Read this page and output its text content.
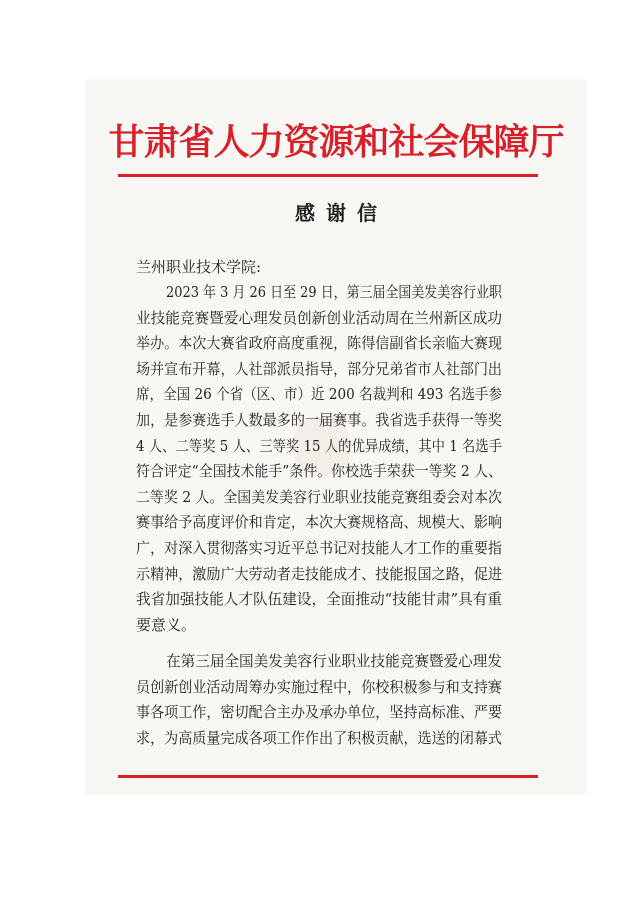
甘肃省人力资源和社会保障厅
感谢信
兰州职业技术学院:
2023 年 3 月 26 日至 29 日，第三届全国美发美容行业职
业技能竞赛暨爱心理发员创新创业活动周在兰州新区成功
举办。本次大赛省政府高度重视，陈得信副省长亲临大赛现
场并宣布开幕，人社部派员指导，部分兄弟省市人社部门出
席，全国 26 个省（区、市）近 200 名裁判和 493 名选手参
加，是参赛选手人数最多的一届赛事。我省选手获得一等奖
4 人、二等奖 5 人、三等奖 15 人的优异成绩，其中 1 名选手
符合评定“全国技术能手”条件。你校选手荣获一等奖 2 人、
二等奖 2 人。全国美发美容行业职业技能竞赛组委会对本次
赛事给予高度评价和肯定，本次大赛规格高、规模大、影响
广，对深入贯彻落实习近平总书记对技能人才工作的重要指
示精神，激励广大劳动者走技能成才、技能报国之路，促进
我省加强技能人才队伍建设，全面推动“技能甘肃”具有重
要意义。
在第三届全国美发美容行业职业技能竞赛暨爱心理发
员创新创业活动周筹办实施过程中，你校积极参与和支持赛
事各项工作，密切配合主办及承办单位，坚持高标准、严要
求，为高质量完成各项工作作出了积极贡献，选送的闭幕式
